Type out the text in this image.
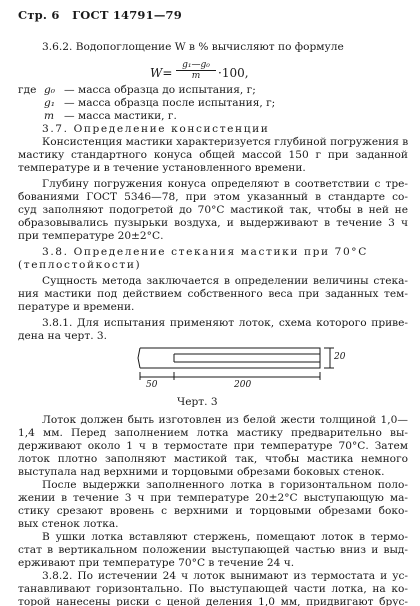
Стр. 6 ГОСТ 14791—79
3.6.2. Водопоглощение W в % вычисляют по формуле
$W= \frac{\text{g₁—g₀}}{m} \cdot 100$,
где g₀ — масса образца до испытания, г;
g₁ — масса образца после испытания, г;
m — масса мастики, г.
3.7. Определение консистенции
Консистенция мастики характеризуется глубиной погружения в
мастику стандартного конуса общей массой 150 г при заданной
температуре и в течение установленного времени.
Глубину погружения конуса определяют в соответствии с тре-
бованиями ГОСТ 5346—78, при этом указанный в стандарте со-
суд заполняют подогретой до 70°С мастикой так, чтобы в ней не
образовывались пузырьки воздуха, и выдерживают в течение 3 ч
при температуре 20±2°С.
3.8. Определение стекания мастики при 70°С
(теплостойкости)
Сущность метода заключается в определении величины стека-
ния мастики под действием собственного веса при заданных тем-
пературе и времени.
3.8.1. Для испытания применяют лоток, схема которого приве-
дена на черт. 3.
50	200
20
Черт. 3
Лоток должен быть изготовлен из белой жести толщиной 1,0—
1,4 мм. Перед заполнением лотка мастику предварительно вы-
держивают около 1 ч в термостате при температуре 70°С. Затем
лоток плотно заполняют мастикой так, чтобы мастика немного
выступала над верхними и торцовыми обрезами боковых стенок.
После выдержки заполненного лотка в горизонтальном поло-
жении в течение 3 ч при температуре 20±2°С выступающую ма-
стику срезают вровень с верхними и торцовыми обрезами боко-
вых стенок лотка.
В ушки лотка вставляют стержень, помещают лоток в термо-
стат в вертикальном положении выступающей частью вниз и выд-
ерживают при температуре 70°С в течение 24 ч.
3.8.2. По истечении 24 ч лоток вынимают из термостата и ус-
танавливают горизонтально. По выступающей части лотка, на ко-
торой нанесены риски с ценой деления 1,0 мм, придвигают брус-
